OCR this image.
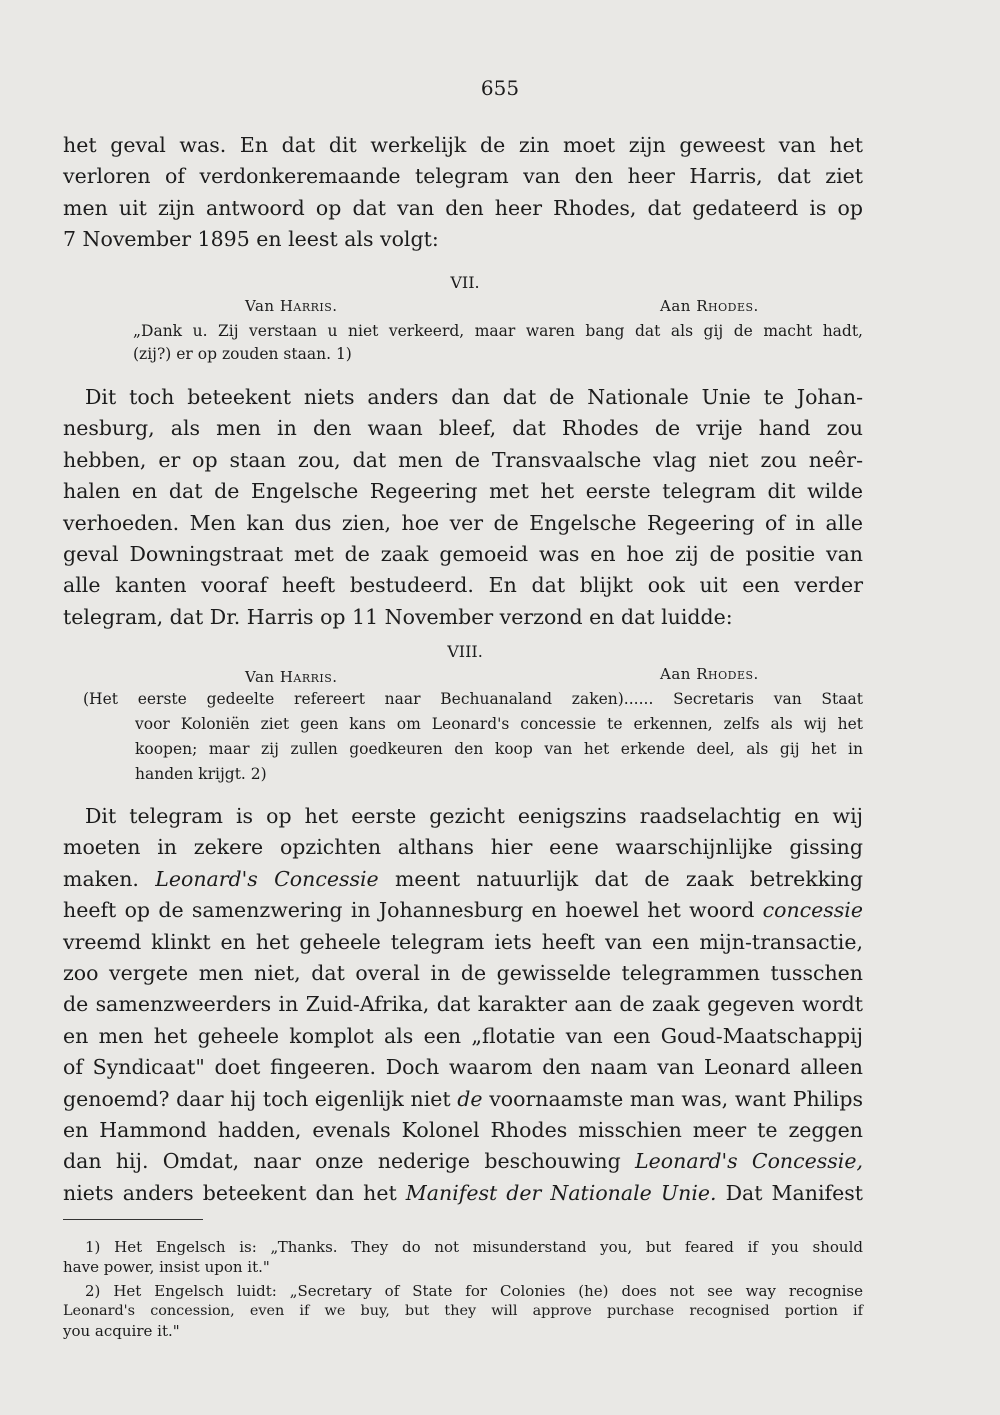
655
het geval was. En dat dit werkelijk de zin moet zijn geweest van het
verloren of verdonkeremaande telegram van den heer Harris, dat ziet
men uit zijn antwoord op dat van den heer Rhodes, dat gedateerd is op
7 November 1895 en leest als volgt:
VII.
Van Harris.	Aan Rhodes.
„Dank u. Zij verstaan u niet verkeerd, maar waren bang dat als gij de macht hadt,
(zij?) er op zouden staan. 1)
Dit toch beteekent niets anders dan dat de Nationale Unie te Johan-
nesburg, als men in den waan bleef, dat Rhodes de vrije hand zou
hebben, er op staan zou, dat men de Transvaalsche vlag niet zou neêr-
halen en dat de Engelsche Regeering met het eerste telegram dit wilde
verhoeden. Men kan dus zien, hoe ver de Engelsche Regeering of in alle
geval Downingstraat met de zaak gemoeid was en hoe zij de positie van
alle kanten vooraf heeft bestudeerd. En dat blijkt ook uit een verder
telegram, dat Dr. Harris op 11 November verzond en dat luidde:
VIII.
Van Harris.	Aan Rhodes.
(Het eerste gedeelte refereert naar Bechuanaland zaken)...... Secretaris van Staat
voor Koloniën ziet geen kans om Leonard's concessie te erkennen, zelfs als wij het
koopen; maar zij zullen goedkeuren den koop van het erkende deel, als gij het in
handen krijgt. 2)
Dit telegram is op het eerste gezicht eenigszins raadselachtig en wij
moeten in zekere opzichten althans hier eene waarschijnlijke gissing
maken. Leonard's Concessie meent natuurlijk dat de zaak betrekking
heeft op de samenzwering in Johannesburg en hoewel het woord concessie
vreemd klinkt en het geheele telegram iets heeft van een mijn-transactie,
zoo vergete men niet, dat overal in de gewisselde telegrammen tusschen
de samenzweerders in Zuid-Afrika, dat karakter aan de zaak gegeven wordt
en men het geheele komplot als een „flotatie van een Goud-Maatschappij
of Syndicaat" doet fingeeren. Doch waarom den naam van Leonard alleen
genoemd? daar hij toch eigenlijk niet de voornaamste man was, want Philips
en Hammond hadden, evenals Kolonel Rhodes misschien meer te zeggen
dan hij. Omdat, naar onze nederige beschouwing Leonard's Concessie,
niets anders beteekent dan het Manifest der Nationale Unie. Dat Manifest
1) Het Engelsch is: „Thanks. They do not misunderstand you, but feared if you should
have power, insist upon it."
2) Het Engelsch luidt: „Secretary of State for Colonies (he) does not see way recognise
Leonard's concession, even if we buy, but they will approve purchase recognised portion if
you acquire it."
